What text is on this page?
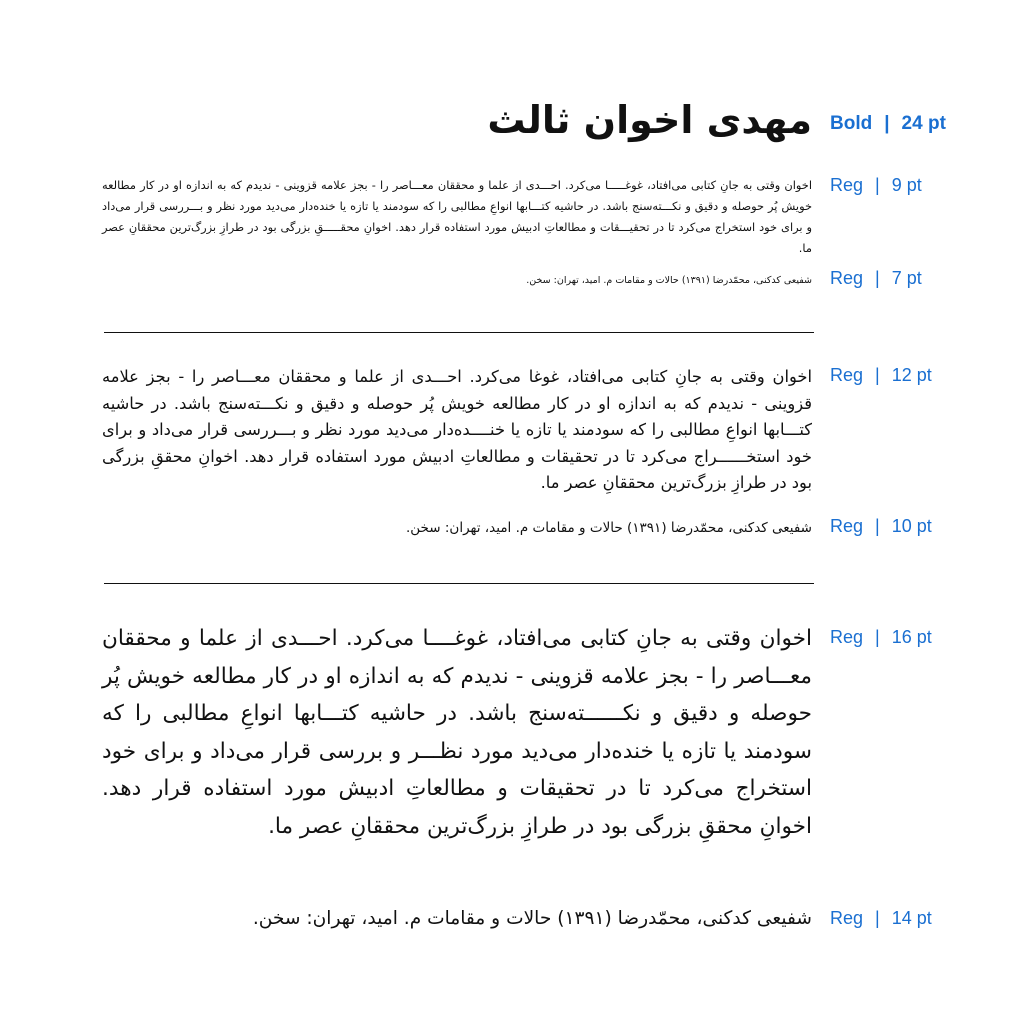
مهدی اخوان ثالث Bold | 24 pt
اخوان وقتی به جانِ کتابی می‌افتاد، غوغـــــا می‌کرد. احـــدی از علما و محققان معـــاصر را - بجز علامه قزوینی - ندیدم که به اندازه او در کار مطالعه خویش پُر حوصله و دقیق و نکـــته‌سنج باشد. در حاشیه کتـــابها انواعِ مطالبی را که سودمند یا تازه یا خنده‌دار می‌دید مورد نظر و بـــررسی قرار می‌داد و برای خود استخراج می‌کرد تا در تحقیـــقات و مطالعاتِ ادبیش مورد استفاده قرار دهد. اخوانِ محقـــــقِ بزرگی بود در طرازِ بزرگ‌ترین محققانِ عصر ما.
Reg | 9 pt
شفیعی کدکنی، محمّدرضا (۱۳۹۱) حالات و مقامات م. امید، تهران: سخن. Reg | 7 pt
اخوان وقتی به جانِ کتابی می‌افتاد، غوغا می‌کرد. احـــدی از علما و محققان معـــاصر را - بجز علامه قزوینی - ندیدم که به اندازه او در کار مطالعه خویش پُر حوصله و دقیق و نکـــته‌سنج باشد. در حاشیه کتـــابها انواعِ مطالبی را که سودمند یا تازه یا خنــــده‌دار می‌دید مورد نظر و بـــررسی قرار می‌داد و برای خود استخــــــراج می‌کرد تا در تحقیقات و مطالعاتِ ادبیش مورد استفاده قرار دهد. اخوانِ محققِ بزرگی بود در طرازِ بزرگ‌ترین محققانِ عصر ما.
Reg | 12 pt
شفیعی کدکنی، محمّدرضا (۱۳۹۱) حالات و مقامات م. امید، تهران: سخن. Reg | 10 pt
اخوان وقتی به جانِ کتابی می‌افتاد، غوغــــا می‌کرد. احـــدی از علما و محققان معـــاصر را - بجز علامه قزوینی - ندیدم که به اندازه او در کار مطالعه خویش پُر حوصله و دقیق و نکــــــته‌سنج باشد. در حاشیه کتـــابها انواعِ مطالبی را که سودمند یا تازه یا خنده‌دار می‌دید مورد نظـــر و بررسی قرار می‌داد و برای خود استخراج می‌کرد تا در تحقیقات و مطالعاتِ ادبیش مورد استفاده قرار دهد. اخوانِ محققِ بزرگی بود در طرازِ بزرگ‌ترین محققانِ عصر ما.
Reg | 16 pt
شفیعی کدکنی، محمّدرضا (۱۳۹۱) حالات و مقامات م. امید، تهران: سخن. Reg | 14 pt
